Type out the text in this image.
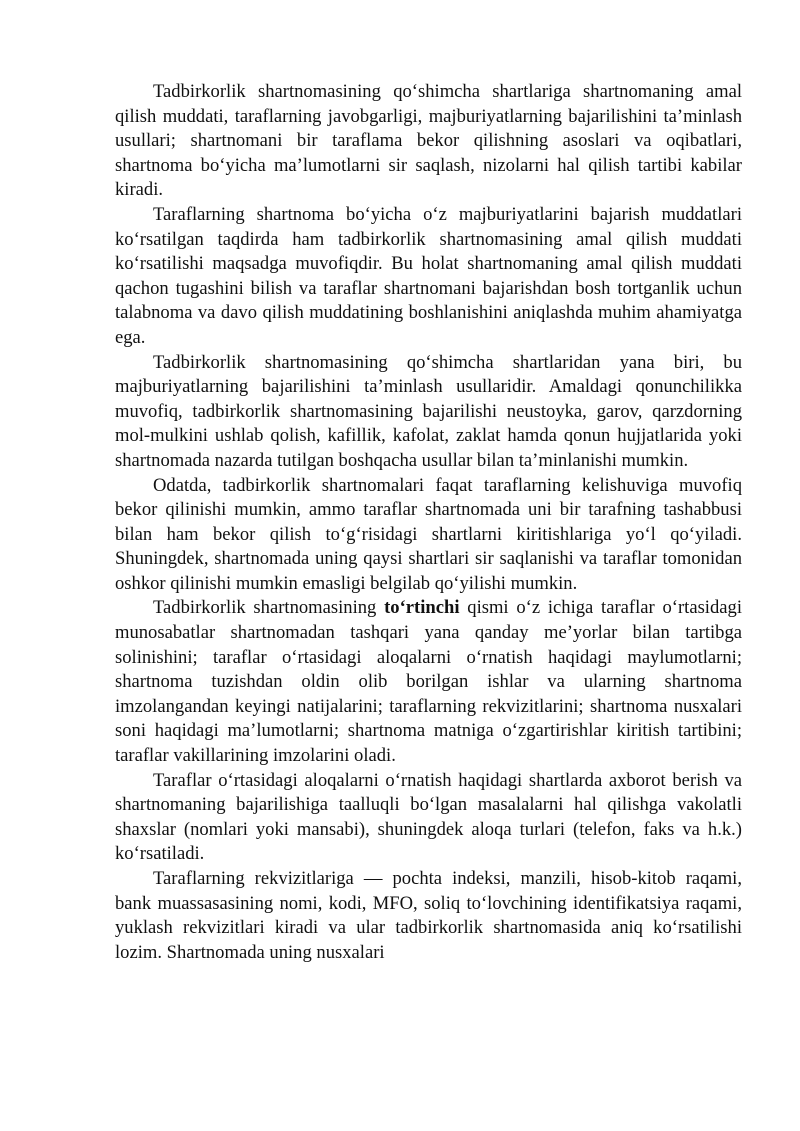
Tadbirkorlik shartnomasining qo‘shimcha shartlariga shartnomaning amal qilish muddati, taraflarning javobgarligi, majburiyatlarning bajarilishini ta’minlash usullari; shartnomani bir taraflama bekor qilishning asoslari va oqibatlari, shartnoma bo‘yicha ma’lumotlarni sir saqlash, nizolarni hal qilish tartibi kabilar kiradi.

Taraflarning shartnoma bo‘yicha o‘z majburiyatlarini bajarish muddatlari ko‘rsatilgan taqdirda ham tadbirkorlik shartnomasining amal qilish muddati ko‘rsatilishi maqsadga muvofiqdir. Bu holat shartnomaning amal qilish muddati qachon tugashini bilish va taraflar shartnomani bajarishdan bosh tortganlik uchun talabnoma va davo qilish muddatining boshlanishini aniqlashda muhim ahamiyatga ega.

Tadbirkorlik shartnomasining qo‘shimcha shartlaridan yana biri, bu majburiyatlarning bajarilishini ta’minlash usullaridir. Amaldagi qonunchilikka muvofiq, tadbirkorlik shartnomasining bajarilishi neustoyka, garov, qarzdorning mol-mulkini ushlab qolish, kafillik, kafolat, zaklat hamda qonun hujjatlarida yoki shartnomada nazarda tutilgan boshqacha usullar bilan ta’minlanishi mumkin.

Odatda, tadbirkorlik shartnomalari faqat taraflarning kelishuviga muvofiq bekor qilinishi mumkin, ammo taraflar shartnomada uni bir tarafning tashabbusi bilan ham bekor qilish to‘g‘risidagi shartlarni kiritishlariga yo‘l qo‘yiladi. Shuningdek, shartnomada uning qaysi shartlari sir saqlanishi va taraflar tomonidan oshkor qilinishi mumkin emasligi belgilab qo‘yilishi mumkin.

Tadbirkorlik shartnomasining to‘rtinchi qismi o‘z ichiga taraflar o‘rtasidagi munosabatlar shartnomadan tashqari yana qanday me’yorlar bilan tartibga solinishini; taraflar o‘rtasidagi aloqalarni o‘rnatish haqidagi maylumotlarni; shartnoma tuzishdan oldin olib borilgan ishlar va ularning shartnoma imzolangandan keyingi natijalarini; taraflarning rekvizitlarini; shartnoma nusxalari soni haqidagi ma’lumotlarni; shartnoma matniga o‘zgartirishlar kiritish tartibini; taraflar vakillarining imzolarini oladi.

Taraflar o‘rtasidagi aloqalarni o‘rnatish haqidagi shartlarda axborot berish va shartnomaning bajarilishiga taalluqli bo‘lgan masalalarni hal qilishga vakolatli shaxslar (nomlari yoki mansabi), shuningdek aloqa turlari (telefon, faks va h.k.) ko‘rsatiladi.

Taraflarning rekvizitlariga — pochta indeksi, manzili, hisob-kitob raqami, bank muassasasining nomi, kodi, MFO, soliq to‘lovchining identifikatsiya raqami, yuklash rekvizitlari kiradi va ular tadbirkorlik shartnomasida aniq ko‘rsatilishi lozim. Shartnomada uning nusxalari
